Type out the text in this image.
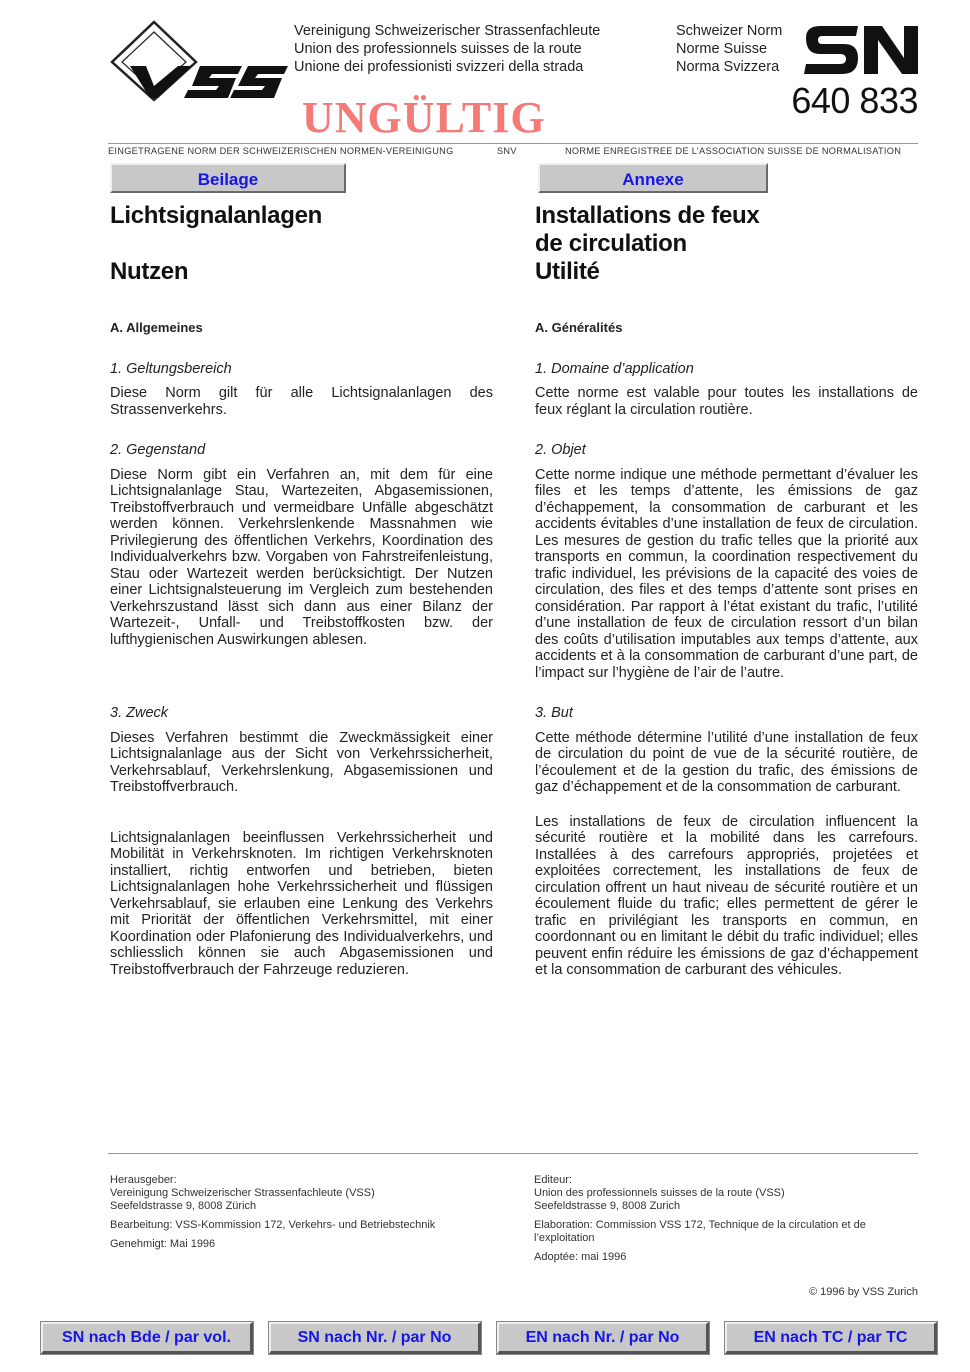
Vereinigung Schweizerischer Strassenfachleute
Union des professionnels suisses de la route
Unione dei professionisti svizzeri della strada
Schweizer Norm
Norme Suisse
Norma Svizzera
640 833
UNGÜLTIG
EINGETRAGENE NORM DER SCHWEIZERISCHEN NORMEN-VEREINIGUNG	SNV	NORME ENREGISTREE DE L’ASSOCIATION SUISSE DE NORMALISATION
Beilage	Annexe
Lichtsignalanlagen

Nutzen

A. Allgemeines

1. Geltungsbereich

Diese Norm gilt für alle Lichtsignalanlagen des Strassenverkehrs.

2. Gegenstand

Diese Norm gibt ein Verfahren an, mit dem für eine Lichtsignalanlage Stau, Wartezeiten, Abgasemissionen, Treibstoffverbrauch und vermeidbare Unfälle abgeschätzt werden können. Verkehrslenkende Massnahmen wie Privilegierung des öffentlichen Verkehrs, Koordination des Individualverkehrs bzw. Vorgaben von Fahrstreifenleistung, Stau oder Wartezeit werden berücksichtigt. Der Nutzen einer Lichtsignalsteuerung im Vergleich zum bestehenden Verkehrszustand lässt sich dann aus einer Bilanz der Wartezeit-, Unfall- und Treibstoffkosten bzw. der lufthygienischen Auswirkungen ablesen.

3. Zweck

Dieses Verfahren bestimmt die Zweckmässigkeit einer Lichtsignalanlage aus der Sicht von Verkehrssicherheit, Verkehrsablauf, Verkehrslenkung, Abgasemissionen und Treibstoffverbrauch.

Lichtsignalanlagen beeinflussen Verkehrssicherheit und Mobilität in Verkehrsknoten. Im richtigen Verkehrsknoten installiert, richtig entworfen und betrieben, bieten Lichtsignalanlagen hohe Verkehrssicherheit und flüssigen Verkehrsablauf, sie erlauben eine Lenkung des Verkehrs mit Priorität der öffentlichen Verkehrsmittel, mit einer Koordination oder Plafonierung des Individualverkehrs, und schliesslich können sie auch Abgasemissionen und Treibstoffverbrauch der Fahrzeuge reduzieren.

Installations de feux
de circulation
Utilité

A. Généralités

1. Domaine d’application

Cette norme est valable pour toutes les installations de feux réglant la circulation routière.

2. Objet

Cette norme indique une méthode permettant d’évaluer les files et les temps d’attente, les émissions de gaz d’échappement, la consommation de carburant et les accidents évitables d’une installation de feux de circulation. Les mesures de gestion du trafic telles que la priorité aux transports en commun, la coordination respectivement du trafic individuel, les prévisions de la capacité des voies de circulation, des files et des temps d’attente sont prises en considération. Par rapport à l’état existant du trafic, l’utilité d’une installation de feux de circulation ressort d’un bilan des coûts d’utilisation imputables aux temps d’attente, aux accidents et à la consommation de carburant d’une part, de l’impact sur l’hygiène de l’air de l’autre.

3. But

Cette méthode détermine l’utilité d’une installation de feux de circulation du point de vue de la sécurité routière, de l’écoulement et de la gestion du trafic, des émissions de gaz d’échappement et de la consommation de carburant.

Les installations de feux de circulation influencent la sécurité routière et la mobilité dans les carrefours. Installées à des carrefours appropriés, projetées et exploitées correctement, les installations de feux de circulation offrent un haut niveau de sécurité routière et un écoulement fluide du trafic; elles permettent de gérer le trafic en privilégiant les transports en commun, en coordonnant ou en limitant le débit du trafic individuel; elles peuvent enfin réduire les émissions de gaz d’échappement et la consommation de carburant des véhicules.

Herausgeber:
Vereinigung Schweizerischer Strassenfachleute (VSS)
Seefeldstrasse 9, 8008 Zürich

Bearbeitung: VSS-Kommission 172, Verkehrs- und Betriebstechnik

Genehmigt: Mai 1996

Editeur:
Union des professionnels suisses de la route (VSS)
Seefeldstrasse 9, 8008 Zurich

Elaboration: Commission VSS 172, Technique de la circulation et de l’exploitation

Adoptée: mai 1996

© 1996 by VSS Zurich
SN nach Bde / par vol.	SN nach Nr. / par No	EN nach Nr. / par No	EN nach TC / par TC
